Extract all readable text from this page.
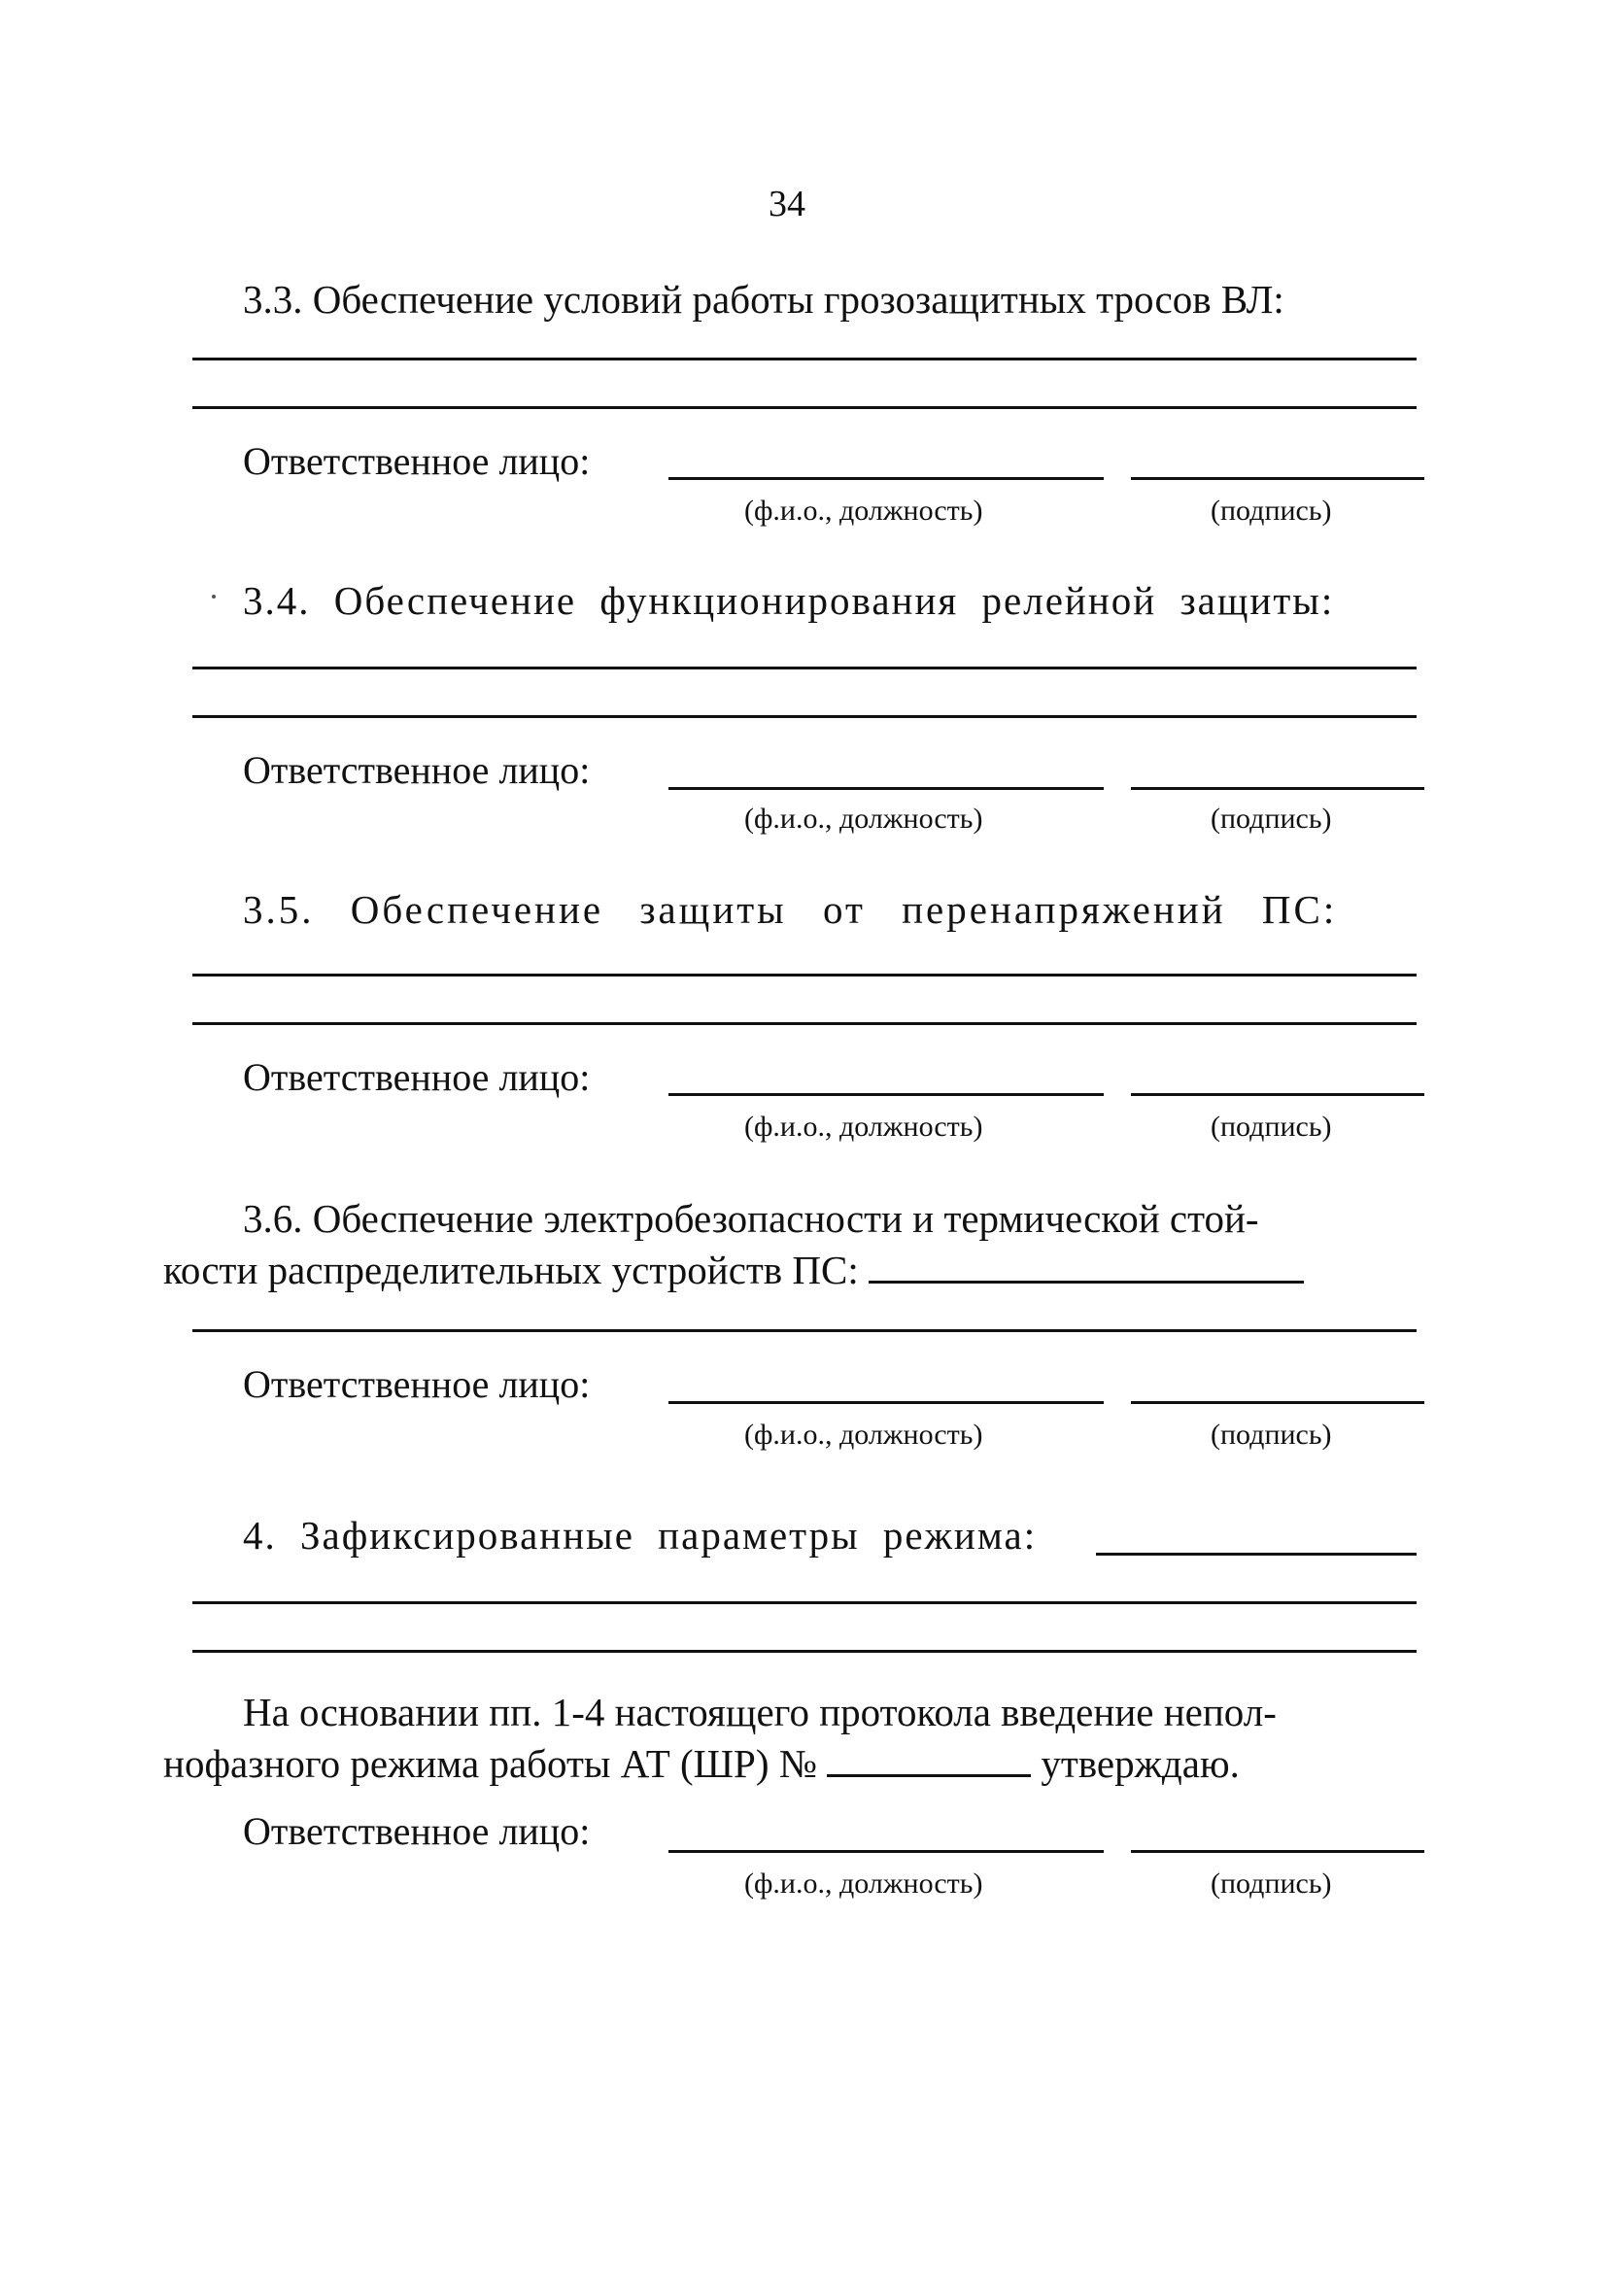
34
3.3. Обеспечение условий работы грозозащитных тросов ВЛ:
Ответственное лицо:
(ф.и.о., должность)	(подпись)
3.4. Обеспечение функционирования релейной защиты:
Ответственное лицо:
(ф.и.о., должность)	(подпись)
3.5. Обеспечение защиты от перенапряжений ПС:
Ответственное лицо:
(ф.и.о., должность)	(подпись)
3.6. Обеспечение электробезопасности и термической стой-
кости распределительных устройств ПС:
Ответственное лицо:
(ф.и.о., должность)	(подпись)
4. Зафиксированные параметры режима:
На основании пп. 1-4 настоящего протокола введение непол-
нофазного режима работы АТ (ШР) №	утверждаю.
Ответственное лицо:
(ф.и.о., должность)	(подпись)
